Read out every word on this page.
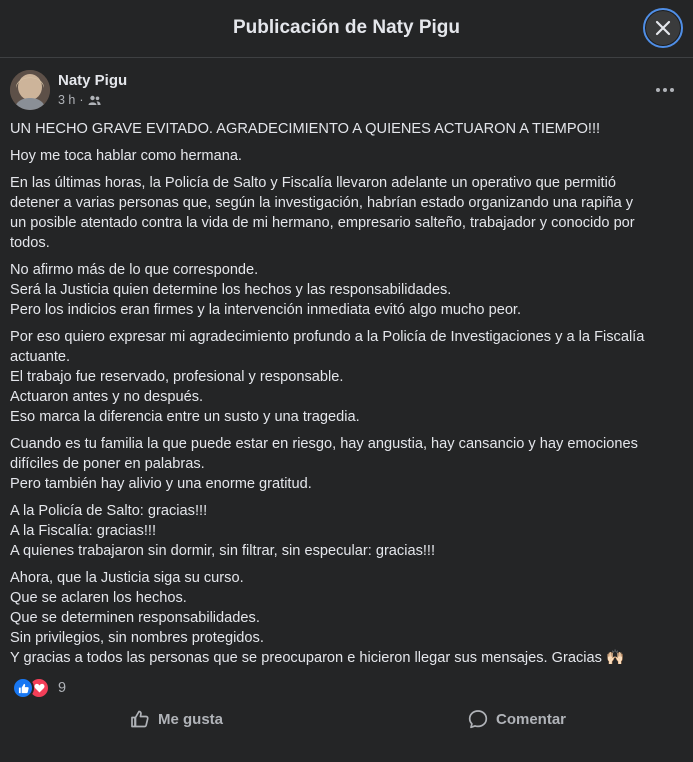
Publicación de Naty Pigu
Naty Pigu
3 h ·

UN HECHO GRAVE EVITADO. AGRADECIMIENTO A QUIENES ACTUARON A TIEMPO!!!

Hoy me toca hablar como hermana.

En las últimas horas, la Policía de Salto y Fiscalía llevaron adelante un operativo que permitió
detener a varias personas que, según la investigación, habrían estado organizando una rapiña y
un posible atentado contra la vida de mi hermano, empresario salteño, trabajador y conocido por
todos.

No afirmo más de lo que corresponde.
Será la Justicia quien determine los hechos y las responsabilidades.
Pero los indicios eran firmes y la intervención inmediata evitó algo mucho peor.

Por eso quiero expresar mi agradecimiento profundo a la Policía de Investigaciones y a la Fiscalía
actuante.
El trabajo fue reservado, profesional y responsable.
Actuaron antes y no después.
Eso marca la diferencia entre un susto y una tragedia.

Cuando es tu familia la que puede estar en riesgo, hay angustia, hay cansancio y hay emociones
difíciles de poner en palabras.
Pero también hay alivio y una enorme gratitud.

A la Policía de Salto: gracias!!!
A la Fiscalía: gracias!!!
A quienes trabajaron sin dormir, sin filtrar, sin especular: gracias!!!

Ahora, que la Justicia siga su curso.
Que se aclaren los hechos.
Que se determinen responsabilidades.
Sin privilegios, sin nombres protegidos.
Y gracias a todos las personas que se preocuparon e hicieron llegar sus mensajes. Gracias 🙌🏻

9
Me gusta	Comentar
